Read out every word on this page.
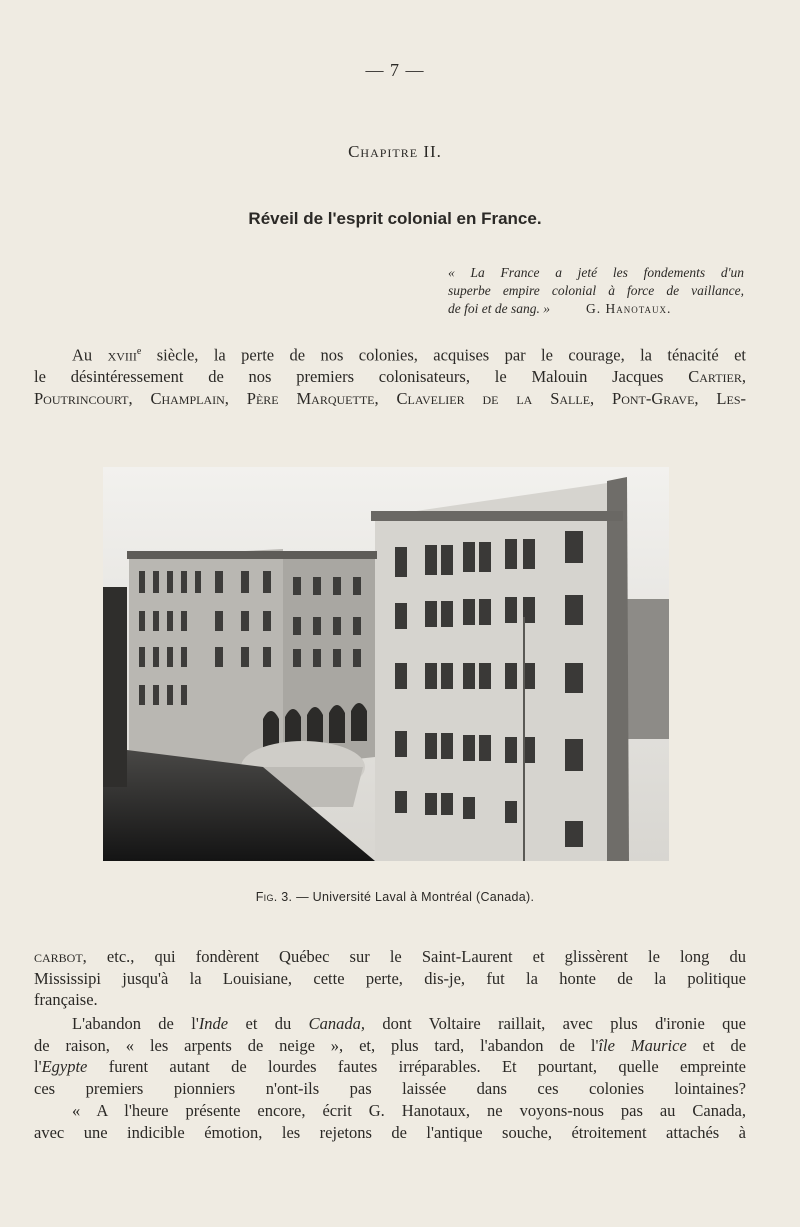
— 7 —
Chapitre II.
Réveil de l'esprit colonial en France.
« La France a jeté les fondements d'un
superbe empire colonial à force de vaillance,
de foi et de sang. »	G. Hanotaux.
Au xviii$^e$ siècle, la perte de nos colonies, acquises par le courage, la ténacité et
le désintéressement de nos premiers colonisateurs, le Malouin Jacques Cartier,
Poutrincourt, Champlain, Père Marquette, Clavelier de la Salle, Pont-Grave, Les-
Fig. 3. — Université Laval à Montréal (Canada).
carbot, etc., qui fondèrent Québec sur le Saint-Laurent et glissèrent le long du
Mississipi jusqu'à la Louisiane, cette perte, dis-je, fut la honte de la politique
française.
L'abandon de l'Inde et du Canada, dont Voltaire raillait, avec plus d'ironie que
de raison, « les arpents de neige », et, plus tard, l'abandon de l'île Maurice et de
l'Egypte furent autant de lourdes fautes irréparables. Et pourtant, quelle empreinte
ces premiers pionniers n'ont-ils pas laissée dans ces colonies lointaines?
« A l'heure présente encore, écrit G. Hanotaux, ne voyons-nous pas au Canada,
avec une indicible émotion, les rejetons de l'antique souche, étroitement attachés à
